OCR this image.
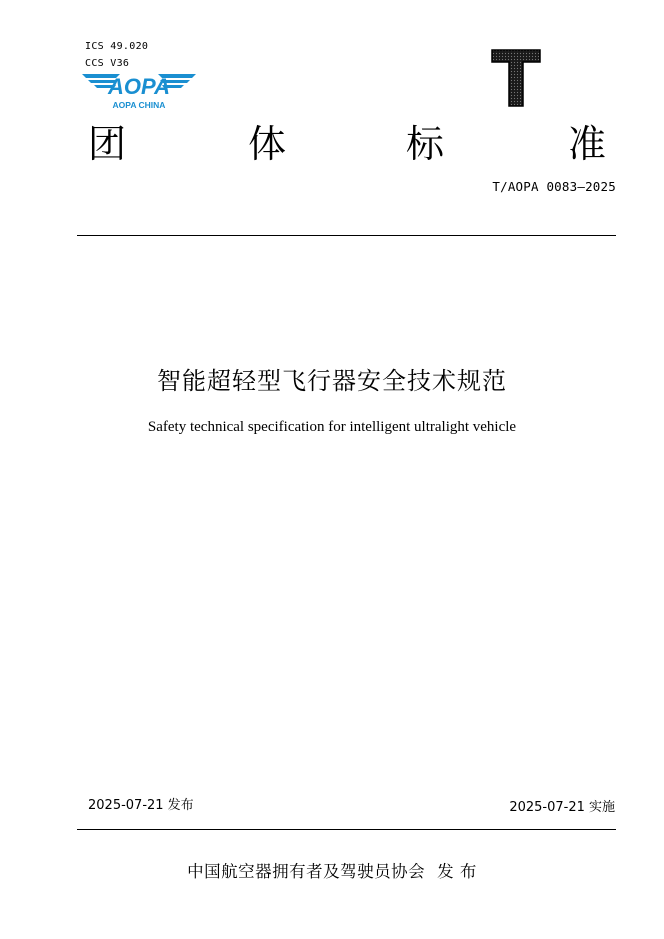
ICS 49.020
CCS V36
AOPA
AOPA CHINA
团	体	标	准
T/AOPA 0083—2025
智能超轻型飞行器安全技术规范
Safety technical specification for intelligent ultralight vehicle
2025-07-21 发布	2025-07-21 实施
中国航空器拥有者及驾驶员协会 发 布
